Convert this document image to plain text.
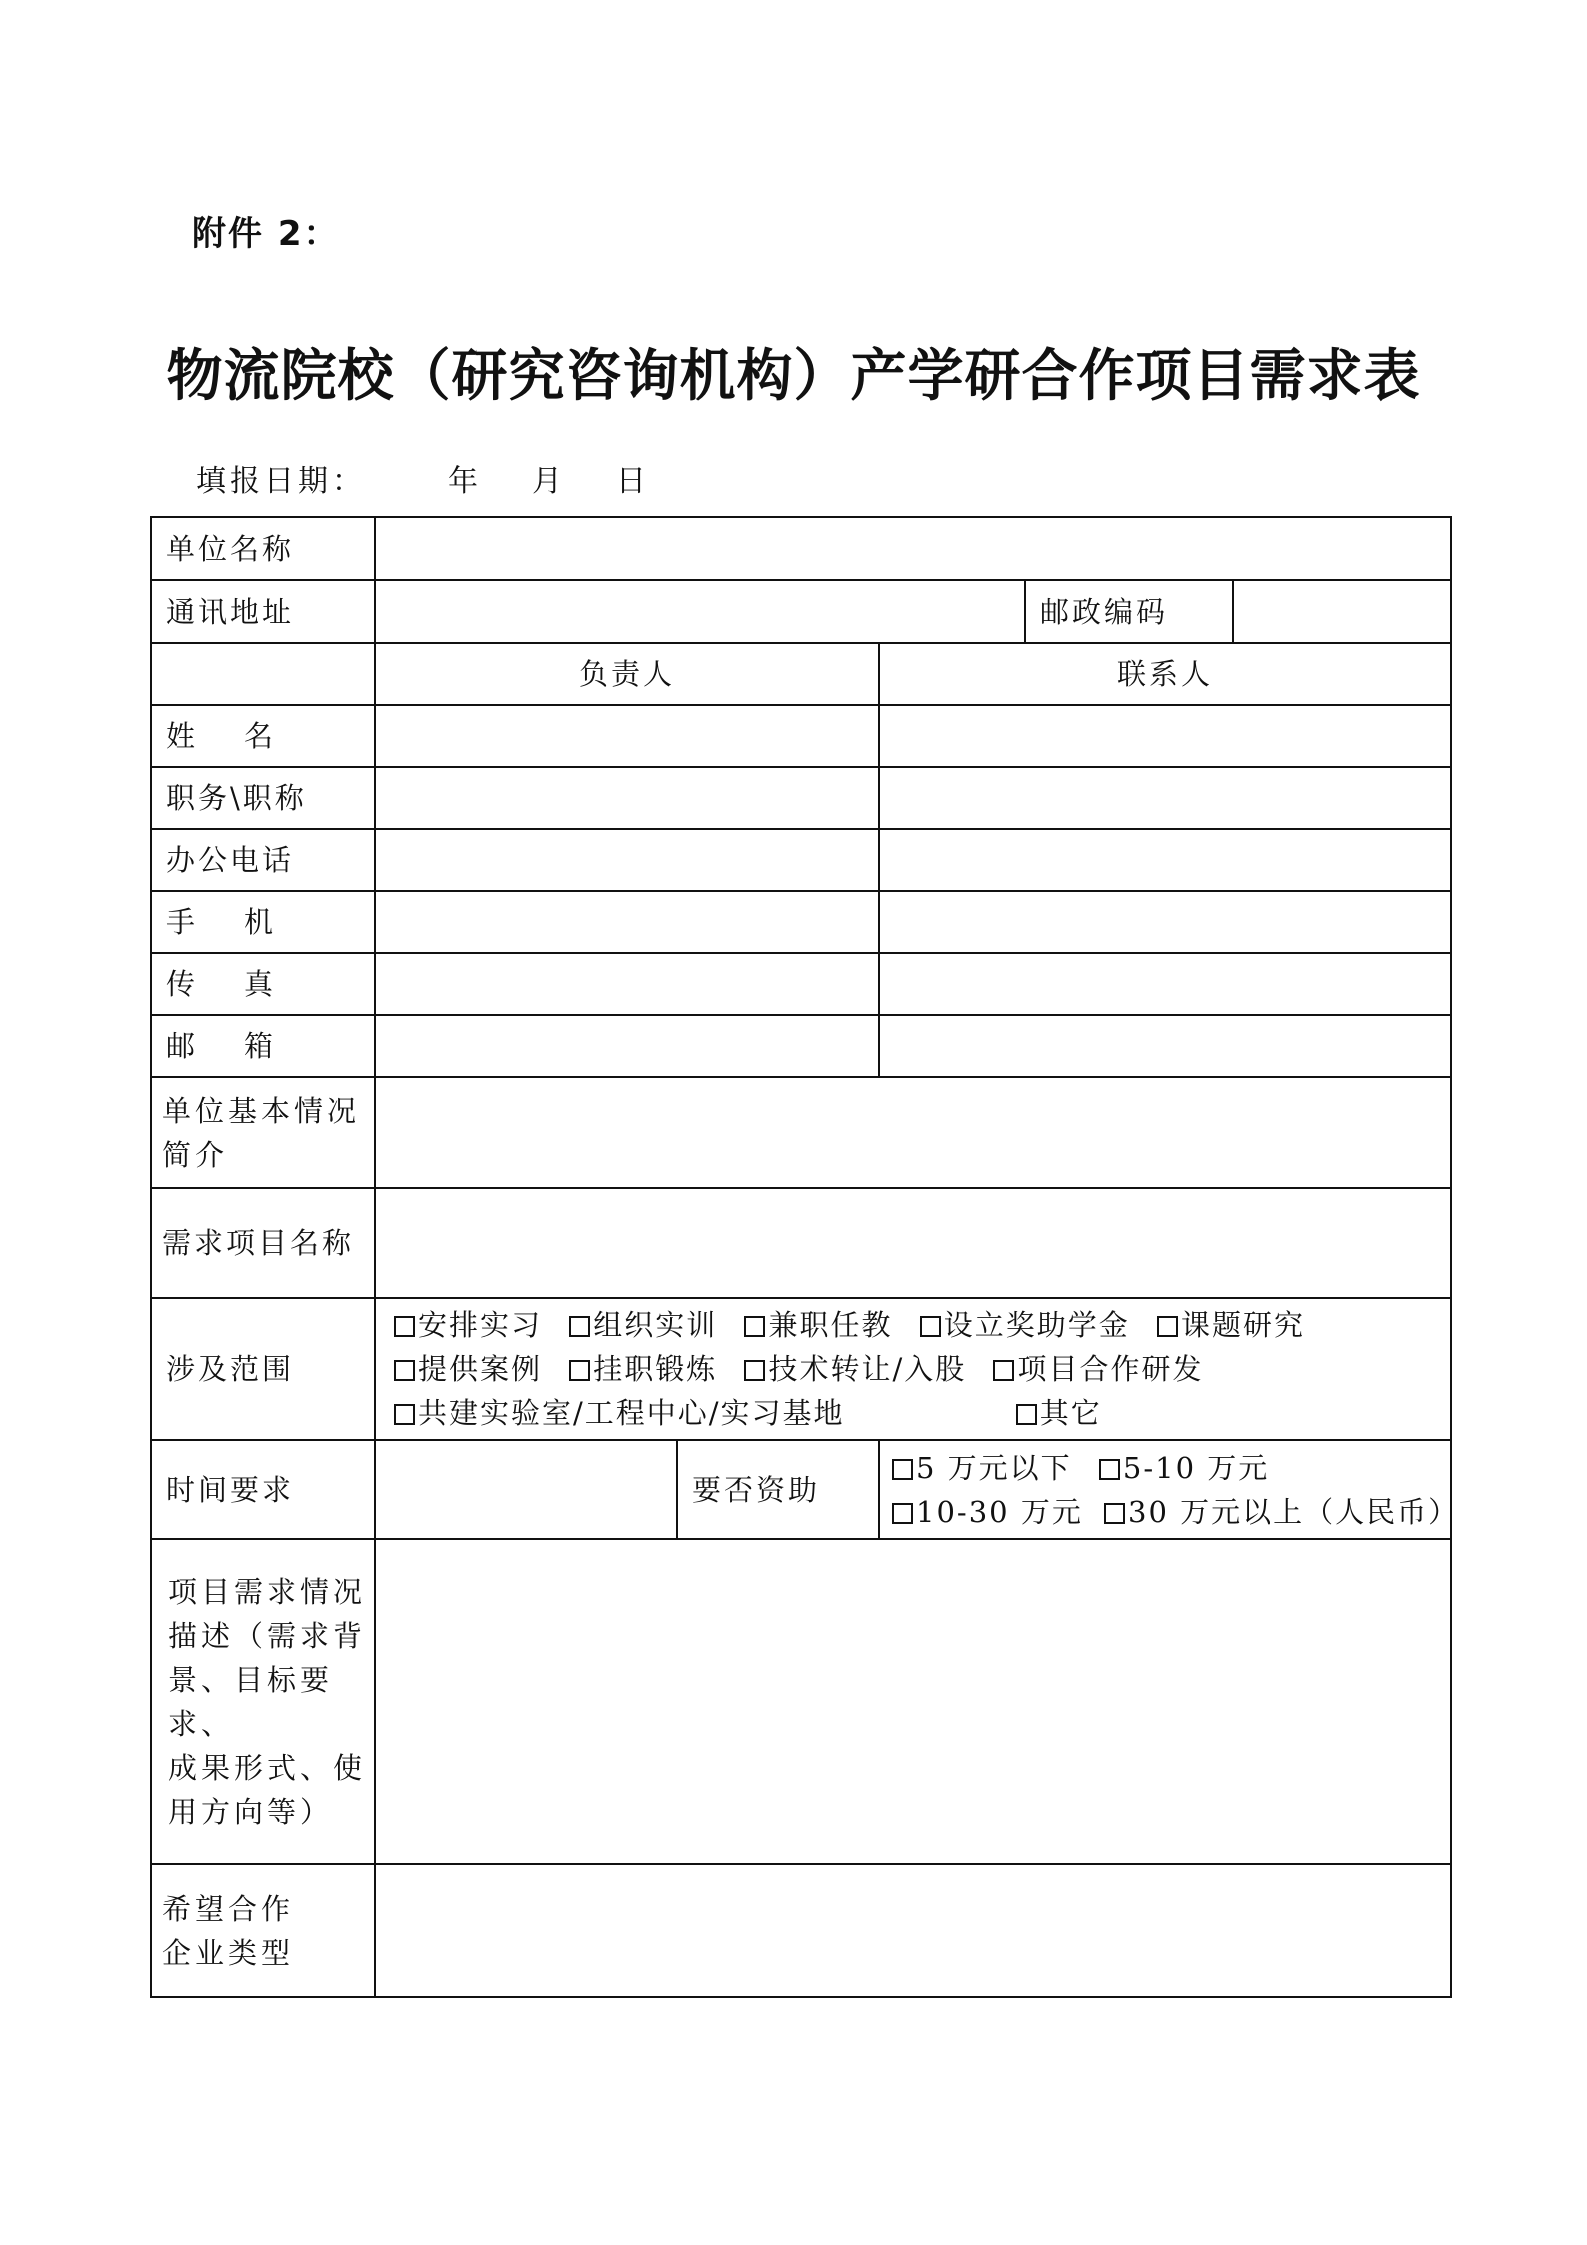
附件 2：
物流院校（研究咨询机构）产学研合作项目需求表
填报日期：	年 月 日
单位名称					
通讯地址				邮政编码	
	负责人		联系人		

姓 名					

职务\职称					
办公电话					

手 机					

传 真					

邮 箱					

单位基本情况
简介					

需求项目名称					
涉及范围	安排实习 组织实训 兼职任教 设立奖助学金 课题研究
提供案例 挂职锻炼 技术转让/入股 项目合作研发
共建实验室/工程中心/实习基地 其它				

时间要求		要否资助	5 万元以下 5-10 万元
10-30 万元 30 万元以上（人民币）		

项目需求情况
描述（需求背
景、目标要求、
成果形式、使
用方向等）					

希望合作
企业类型					
